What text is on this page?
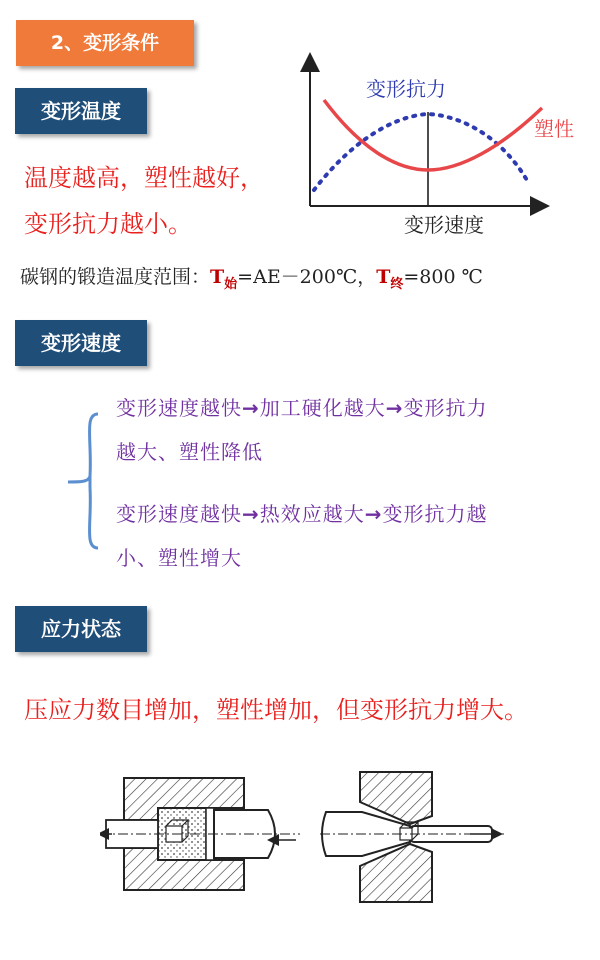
2、变形条件
变形温度
温度越高，塑性越好，
变形抗力越小。
碳钢的锻造温度范围：$T_始=AE-200℃$，$T_终=800$ ℃
变形抗力
塑性
变形速度
变形速度
变形速度越快→加工硬化越大→变形抗力
越大、塑性降低
变形速度越快→热效应越大→变形抗力越
小、塑性增大
应力状态
压应力数目增加，塑性增加，但变形抗力增大。
